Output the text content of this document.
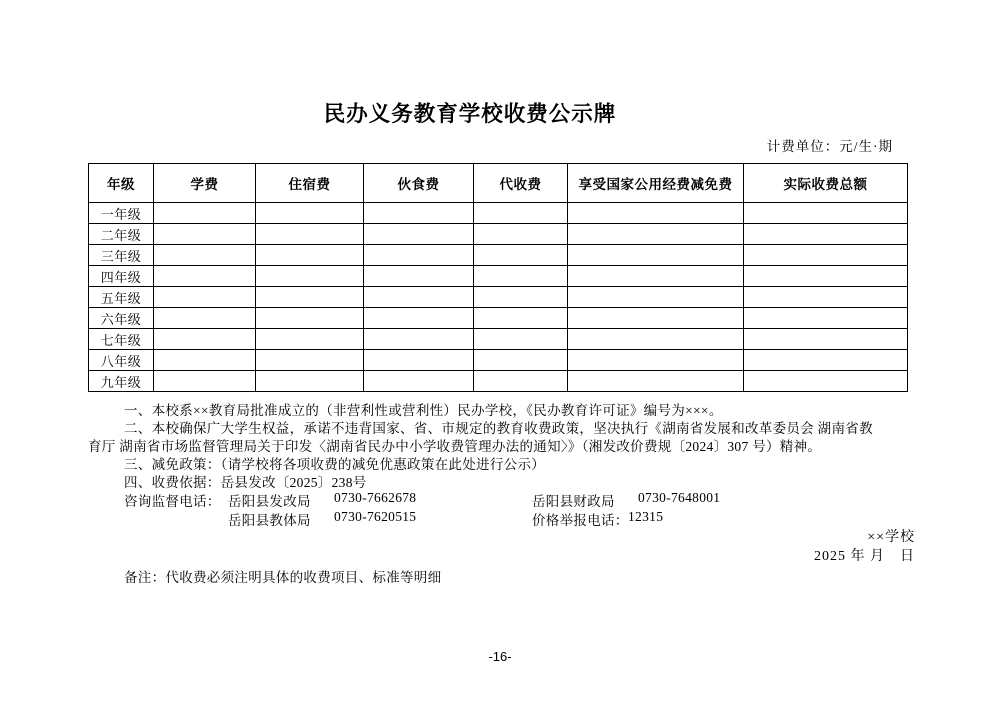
民办义务教育学校收费公示牌
计费单位：元/生·期
年级	学费	住宿费	伙食费	代收费	享受国家公用经费减免费	实际收费总额
一年级						
二年级						
三年级						
四年级						
五年级						
六年级						
七年级						
八年级						
九年级						
一、本校系××教育局批准成立的（非营利性或营利性）民办学校，《民办教育许可证》编号为×××。
二、本校确保广大学生权益，承诺不违背国家、省、市规定的教育收费政策，坚决执行《湖南省发展和改革委员会 湖南省教
育厅 湖南省市场监督管理局关于印发〈湖南省民办中小学收费管理办法的通知〉》（湘发改价费规〔2024〕307 号）精神。
三、减免政策：（请学校将各项收费的减免优惠政策在此处进行公示）
四、收费依据：岳县发改〔2025〕238号
咨询监督电话： 岳阳县发改局 0730-7662678	岳阳县财政局 0730-7648001
岳阳县教体局 0730-7620515	价格举报电话： 12315
××学校
2025 年 月　日
备注：代收费必须注明具体的收费项目、标准等明细
-16-
